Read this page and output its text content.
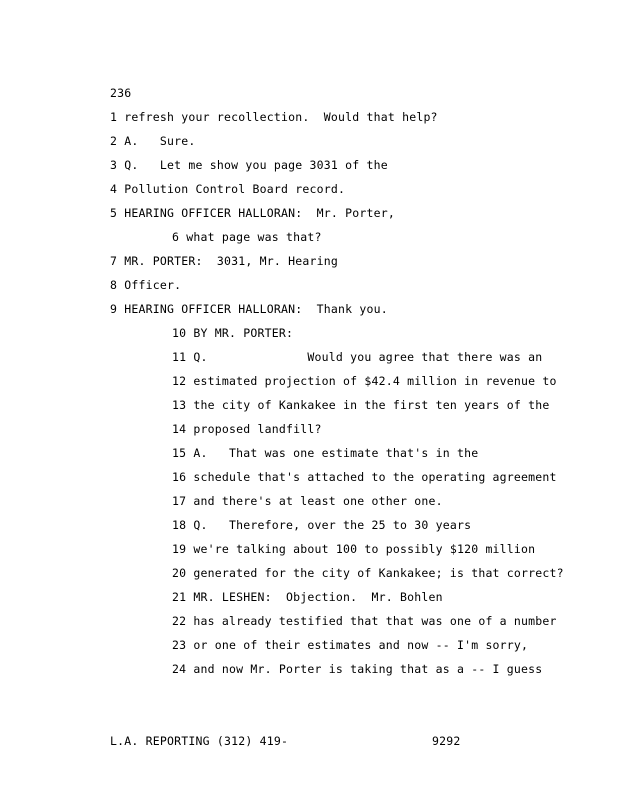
236
1 refresh your recollection.  Would that help?
2 A.   Sure.
3 Q.   Let me show you page 3031 of the
4 Pollution Control Board record.
5 HEARING OFFICER HALLORAN:  Mr. Porter,
6 what page was that?
7 MR. PORTER:  3031, Mr. Hearing
8 Officer.
9 HEARING OFFICER HALLORAN:  Thank you.
10 BY MR. PORTER:
11 Q.              Would you agree that there was an
12 estimated projection of $42.4 million in revenue to
13 the city of Kankakee in the first ten years of the
14 proposed landfill?
15 A.   That was one estimate that's in the
16 schedule that's attached to the operating agreement
17 and there's at least one other one.
18 Q.   Therefore, over the 25 to 30 years
19 we're talking about 100 to possibly $120 million
20 generated for the city of Kankakee; is that correct?
21 MR. LESHEN:  Objection.  Mr. Bohlen
22 has already testified that that was one of a number
23 or one of their estimates and now -- I'm sorry,
24 and now Mr. Porter is taking that as a -- I guess
L.A. REPORTING (312) 419-	9292
